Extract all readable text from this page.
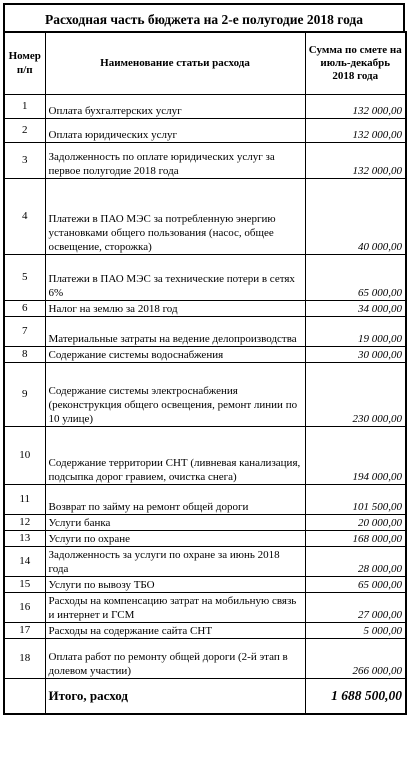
Расходная часть бюджета на 2-е полугодие 2018 года
Номер п/п	Наименование статьи расхода	Сумма по смете на июль-декабрь 2018 года
1	Оплата бухгалтерских услуг	132 000,00
2	Оплата юридических услуг	132 000,00
3	Задолженность по оплате юридических услуг за первое полугодие 2018 года	132 000,00
4	Платежи в ПАО МЭС за потребленную энергию установками общего пользования (насос, общее освещение, сторожка)	40 000,00
5	Платежи в ПАО МЭС за технические потери в сетях 6%	65 000,00
6	Налог на землю за 2018 год	34 000,00
7	Материальные затраты на ведение делопроизводства	19 000,00
8	Содержание системы водоснабжения	30 000,00
9	Содержание системы электроснабжения (реконструкция общего освещения, ремонт линии по 10 улице)	230 000,00
10	Содержание территории СНТ (ливневая канализация, подсыпка дорог гравием, очистка снега)	194 000,00
11	Возврат по займу на ремонт общей дороги	101 500,00
12	Услуги банка	20 000,00
13	Услуги по охране	168 000,00
14	Задолженность за услуги по охране за июнь 2018 года	28 000,00
15	Услуги по вывозу ТБО	65 000,00
16	Расходы на компенсацию затрат на мобильную связь и интернет и ГСМ	27 000,00
17	Расходы на содержание сайта СНТ	5 000,00
18	Оплата работ по ремонту общей дороги (2-й этап в долевом участии)	266 000,00
	Итого, расход	1 688 500,00
